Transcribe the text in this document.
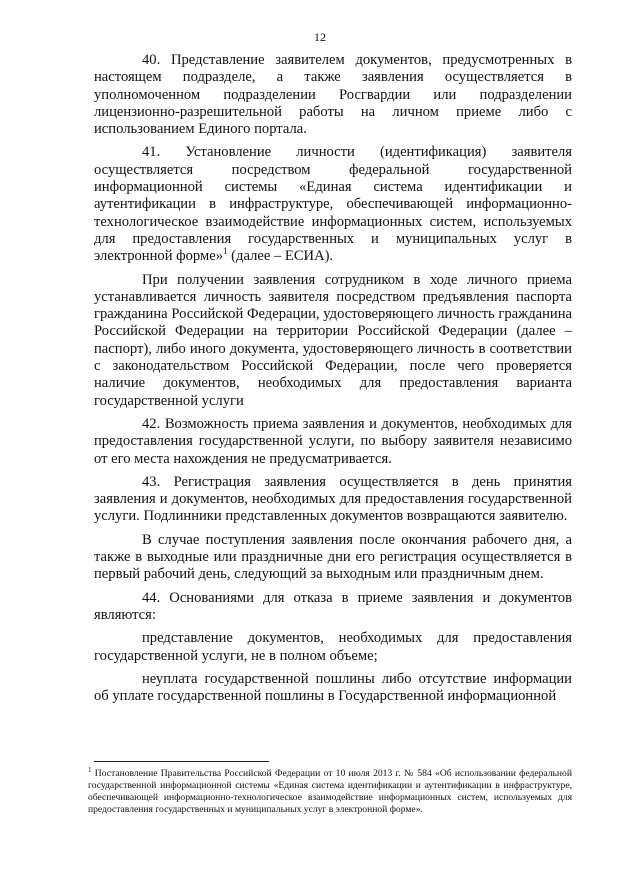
12

40. Представление заявителем документов, предусмотренных в настоящем подразделе, а также заявления осуществляется в уполномоченном подразделении Росгвардии или подразделении лицензионно-разрешительной работы на личном приеме либо с использованием Единого портала.

41. Установление личности (идентификация) заявителя осуществляется посредством федеральной государственной информационной системы «Единая система идентификации и аутентификации в инфраструктуре, обеспечивающей информационно-технологическое взаимодействие информационных систем, используемых для предоставления государственных и муниципальных услуг в электронной форме»$^1$ (далее – ЕСИА).

При получении заявления сотрудником в ходе личного приема устанавливается личность заявителя посредством предъявления паспорта гражданина Российской Федерации, удостоверяющего личность гражданина Российской Федерации на территории Российской Федерации (далее – паспорт), либо иного документа, удостоверяющего личность в соответствии с законодательством Российской Федерации, после чего проверяется наличие документов, необходимых для предоставления варианта государственной услуги

42. Возможность приема заявления и документов, необходимых для предоставления государственной услуги, по выбору заявителя независимо от его места нахождения не предусматривается.

43. Регистрация заявления осуществляется в день принятия заявления и документов, необходимых для предоставления государственной услуги. Подлинники представленных документов возвращаются заявителю.

В случае поступления заявления после окончания рабочего дня, а также в выходные или праздничные дни его регистрация осуществляется в первый рабочий день, следующий за выходным или праздничным днем.

44. Основаниями для отказа в приеме заявления и документов являются:

представление документов, необходимых для предоставления государственной услуги, не в полном объеме;

неуплата государственной пошлины либо отсутствие информации об уплате государственной пошлины в Государственной информационной

$^1$ Постановление Правительства Российской Федерации от 10 июля 2013 г. № 584 «Об использовании федеральной государственной информационной системы «Единая система идентификации и аутентификации в инфраструктуре, обеспечивающей информационно-технологическое взаимодействие информационных систем, используемых для предоставления государственных и муниципальных услуг в электронной форме».
